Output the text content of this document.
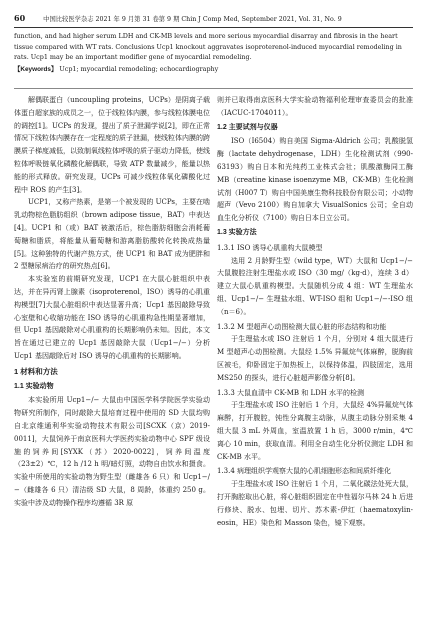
60	中国比较医学杂志 2021 年 9 月第 31 卷第 9 期 Chin J Comp Med, September 2021, Vol. 31, No. 9
function, and had higher serum LDH and CK-MB levels and more serious myocardial disarray and fibrosis in the heart
tissue compared with WT rats. Conclusions Ucp1 knockout aggravates isoproterenol-induced myocardial remodeling in
rats. Ucp1 may be an important modifier gene of myocardial remodeling.
【Keywords】 Ucp1; myocardial remodeling; echocardiography

解偶联蛋白（uncoupling proteins，UCPs）是阴离子载体蛋白超家族的成员之一，位于线粒体内膜，参与线粒体膜电位的调控[1]。UCPs 的发现，提出了质子泄漏学说[2]，即在正常情况下线粒体内膜存在一定程度的质子泄漏，使线粒体内膜的跨膜质子梯度减低，以致制氧线粒体呼吸的质子驱动力降低，使线粒体呼吸链氧化磷酸化解偶联，导致 ATP 数量减少，能量以热能的形式释放。研究发现，UCPs 可减少线粒体氧化磷酸化过程中 ROS 的产生[3]。

UCP1，又称产热素，是第一个被发现的 UCPs，主要在啮乳动物棕色脂肪组织（brown adipose tissue，BAT）中表达[4]。UCP1 和（或）BAT 被激活后，棕色脂肪细胞会消耗葡萄糖和脂质，将能量从葡萄糖和游离脂肪酸转化转换成热量[5]。这种独特的代谢产热方式，使 UCP1 和 BAT 成为肥胖和 2 型糖尿病治疗的研究热点[6]。

本实验室的前期研究发现，UCP1 在大鼠心脏组织中表达，并在异丙肾上腺素（isoproterenol，ISO）诱导的心肌重构模型[7]大鼠心脏组织中表达显著升高；Ucp1 基因敲除导致心室壁和心收缩功能在 ISO 诱导的心肌重构急性期显著增加，但 Ucp1 基因敲除对心肌重构的长期影响仍未知。因此，本文旨在通过已建立的 Ucp1 基因敲除大鼠（Ucp1−/−）分析 Ucp1 基因敲除后对 ISO 诱导的心肌重构的长期影响。

1 材料和方法
1.1 实验动物

本实验所用 Ucp1−/− 大鼠由中国医学科学院医学实验动物研究所制作，同时敲除大鼠培育过程中使用的 SD 大鼠均购自北京维通利华实验动物技术有限公司[SCXK（京）2019-0011]，大鼠饲养于南京医科大学医药实验动物中心 SPF 级设施的饲养间[SYXK（苏）2020-0022]，饲养间温度（23±2）℃，12 h /12 h 明/暗灯照，动物自由饮水和摄食。实验中所使用的实验动物为野生型（雌雄各 6 只）和 Ucp1−/−（雌雄各 6 只）清洁级 SD 大鼠，8 周龄，体重约 250 g。实验中涉及动物操作程序均遵循 3R 原

则并已取得南京医科大学实验动物福利伦理审查委员会的批准（IACUC-1704011）。

1.2 主要试剂与仪器

ISO（I6504）购自美国 Sigma-Aldrich 公司；乳酸脱氢酶（lactate dehydrogenase，LDH）生化检测试剂（990-63193）购自日本和光纯药工业株式会社；肌酸激酶同工酶 MB（creatine kinase isoenzyme MB，CK-MB）生化检测试剂（H007 T）购自中国美康生物科技股份有限公司；小动物超声（Vevo 2100）购自加拿大 VisualSonics 公司；全自动血生化分析仪（7100）购自日本日立公司。

1.3 实验方法
1.3.1 ISO 诱导心肌重构大鼠模型

选用 2 月龄野生型（wild type，WT）大鼠和 Ucp1−/− 大鼠腹腔注射生理盐水或 ISO（30 mg/（kg·d），连续 3 d）建立大鼠心肌重构模型。大鼠随机分成 4 组：WT 生理盐水组、Ucp1−/− 生理盐水组、WT-ISO 组和 Ucp1−/−-ISO 组（n＝6）。

1.3.2 M 型超声心动图检测大鼠心脏的形态结构和功能

于生理盐水或 ISO 注射后 1 个月，分别对 4 组大鼠进行 M 型超声心动图检测。大鼠经 1.5% 异氟烷气体麻醉，脱胸前区被毛，仰卧固定于加热板上，以保持体温，四肢固定，选用 MS250 的探头，进行心脏超声影像分析[8]。

1.3.3 大鼠血清中 CK-MB 和 LDH 水平的检测

于生理盐水或 ISO 注射后 1 个月，大鼠经 4%异氟烷气体麻醉，打开腹腔，钝性分离腹主动脉，从腹主动脉分别采集 4 组大鼠 3 mL 外周血，室温放置 1 h 后，3000 r/min，4℃ 离心 10 min，获取血清。利用全自动生化分析仪测定 LDH 和 CK-MB 水平。

1.3.4 病理组织学观察大鼠的心肌细胞形态和间质纤维化

于生理盐水或 ISO 注射后 1 个月，二氧化碳法处死大鼠，打开胸腔取出心脏，将心脏组织固定在中性福尔马林 24 h 后进行修块、脱水、包埋、切片、苏木素-伊红（haematoxylin-eosin，HE）染色和 Masson 染色，镜下观察。
